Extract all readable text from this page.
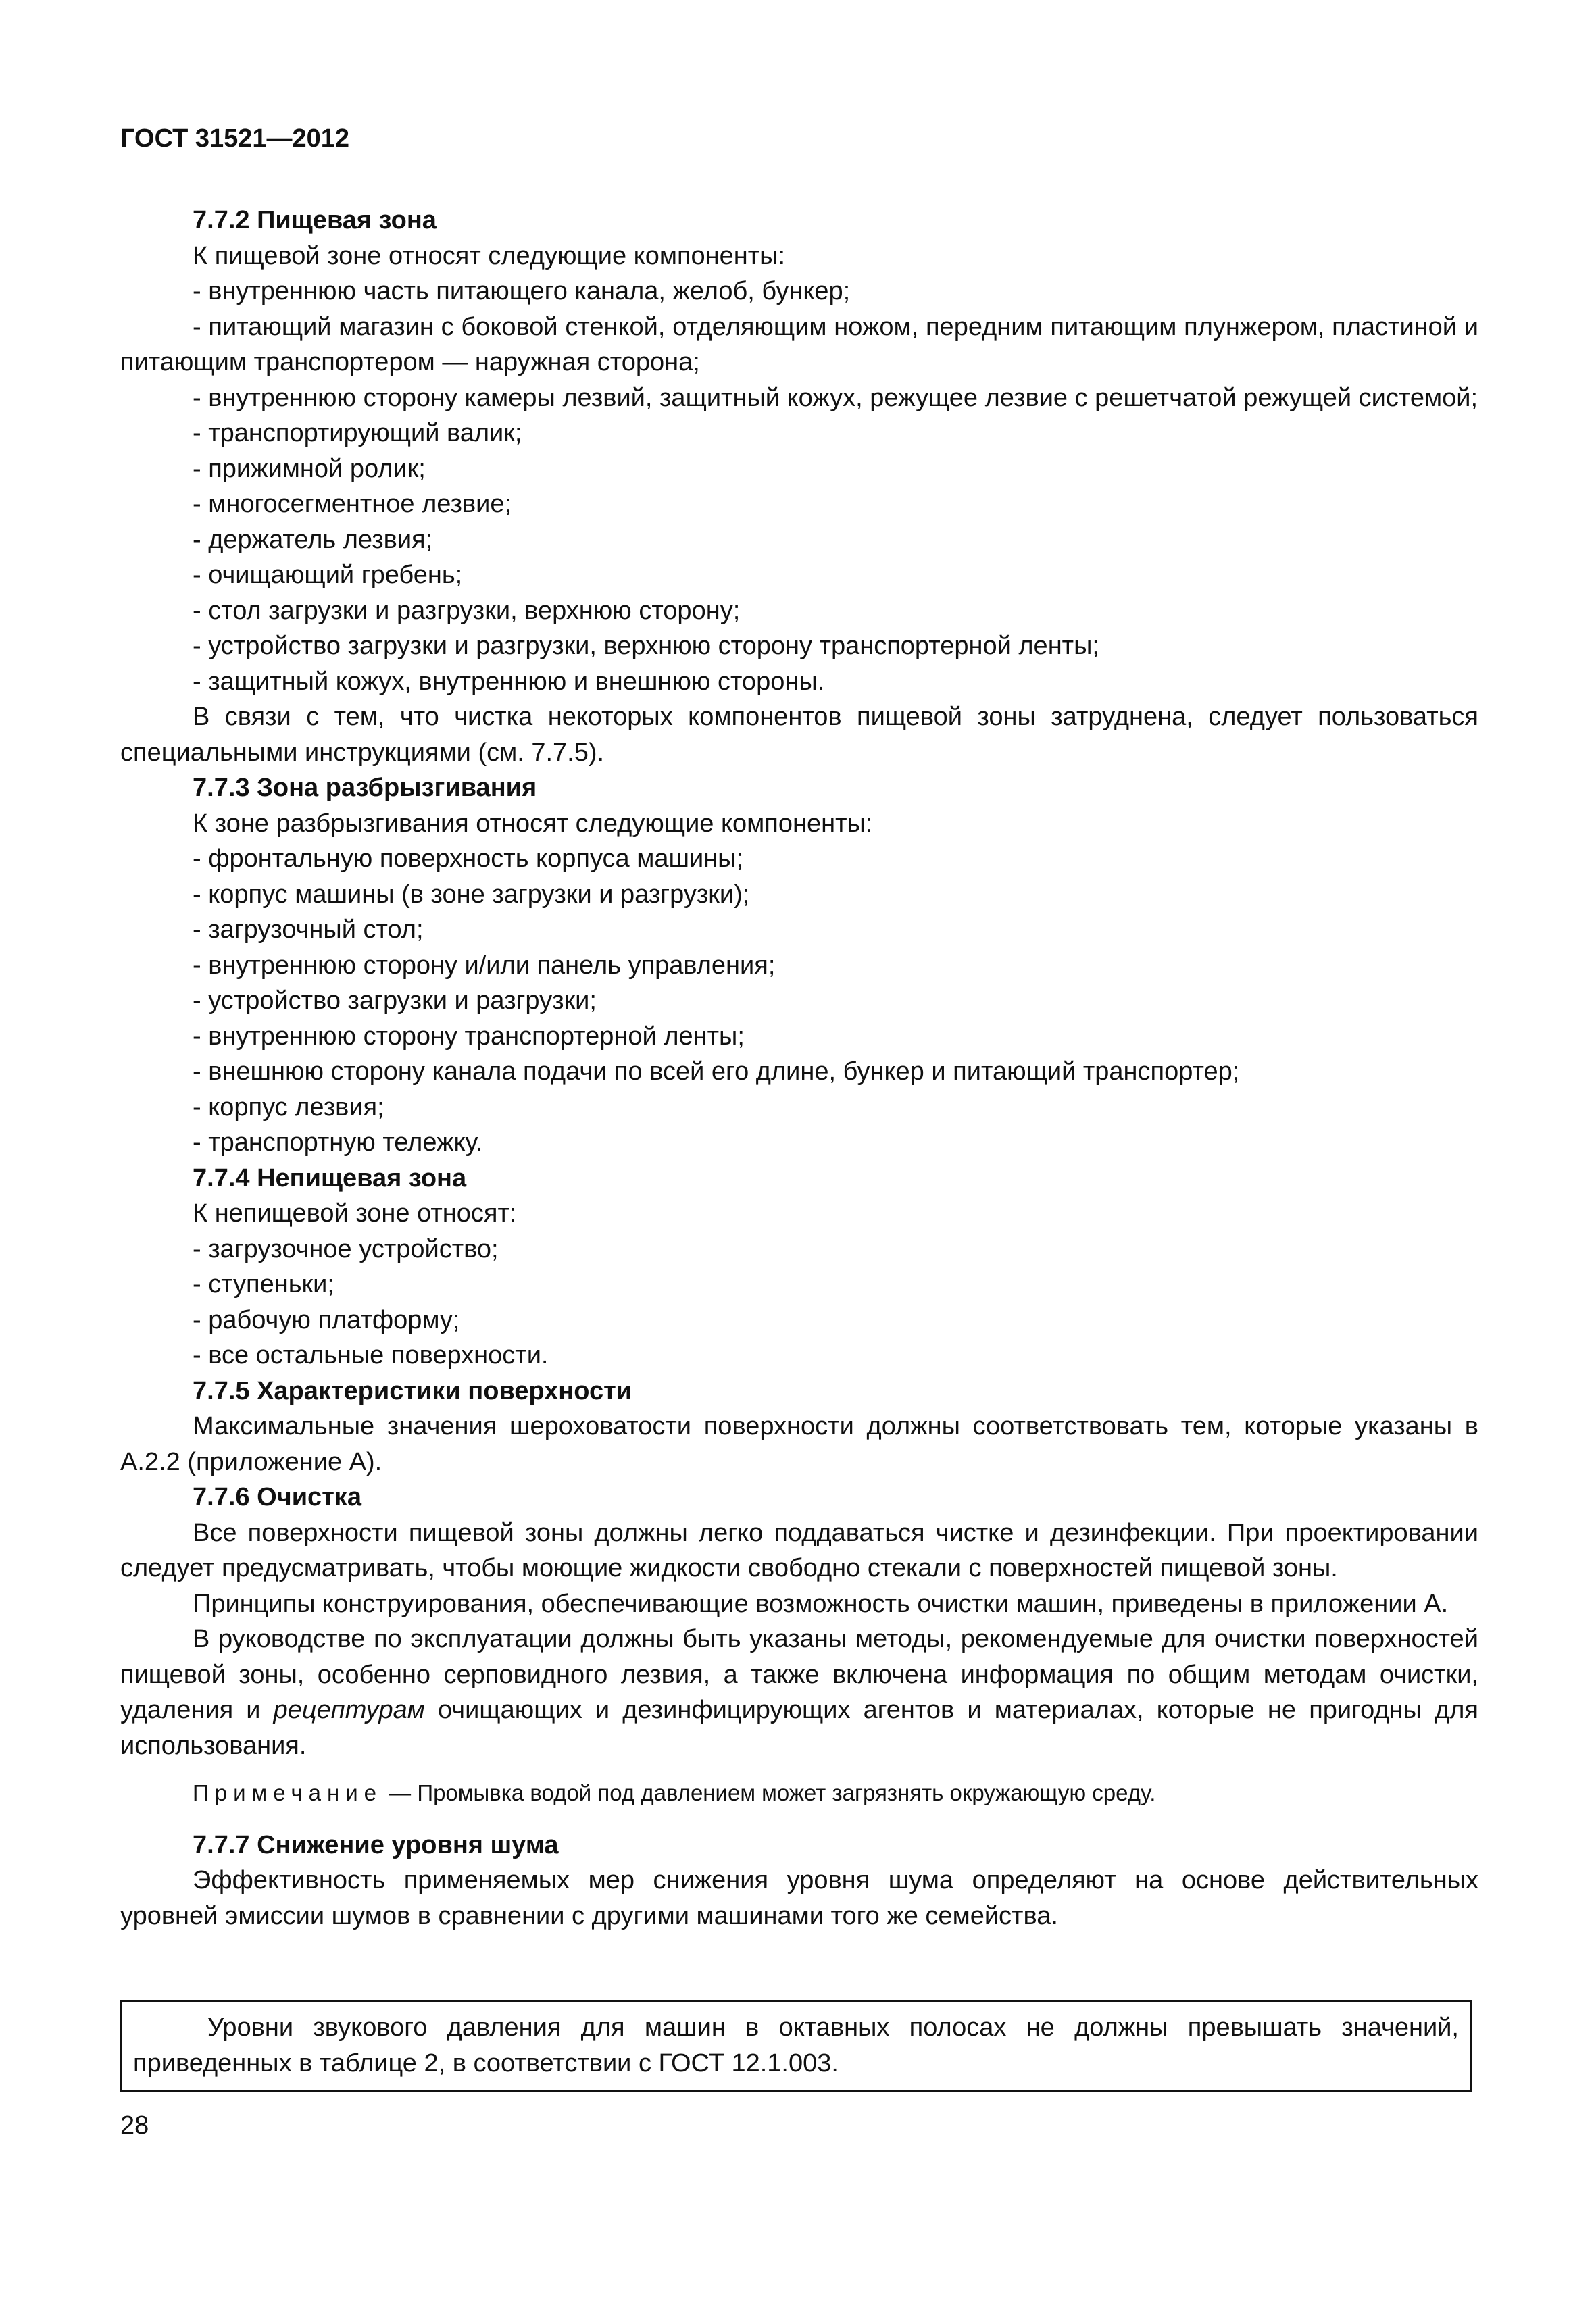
ГОСТ 31521—2012

7.7.2 Пищевая зона

К пищевой зоне относят следующие компоненты:

- внутреннюю часть питающего канала, желоб, бункер;

- питающий магазин с боковой стенкой, отделяющим ножом, передним питающим плунжером, пластиной и питающим транспортером — наружная сторона;

- внутреннюю сторону камеры лезвий, защитный кожух, режущее лезвие с решетчатой режущей системой;

- транспортирующий валик;

- прижимной ролик;

- многосегментное лезвие;

- держатель лезвия;

- очищающий гребень;

- стол загрузки и разгрузки, верхнюю сторону;

- устройство загрузки и разгрузки, верхнюю сторону транспортерной ленты;

- защитный кожух, внутреннюю и внешнюю стороны.

В связи с тем, что чистка некоторых компонентов пищевой зоны затруднена, следует пользоваться специальными инструкциями (см. 7.7.5).

7.7.3 Зона разбрызгивания

К зоне разбрызгивания относят следующие компоненты:

- фронтальную поверхность корпуса машины;

- корпус машины (в зоне загрузки и разгрузки);

- загрузочный стол;

- внутреннюю сторону и/или панель управления;

- устройство загрузки и разгрузки;

- внутреннюю сторону транспортерной ленты;

- внешнюю сторону канала подачи по всей его длине, бункер и питающий транспортер;

- корпус лезвия;

- транспортную тележку.

7.7.4 Непищевая зона

К непищевой зоне относят:

- загрузочное устройство;

- ступеньки;

- рабочую платформу;

- все остальные поверхности.

7.7.5 Характеристики поверхности

Максимальные значения шероховатости поверхности должны соответствовать тем, которые указаны в А.2.2 (приложение А).

7.7.6 Очистка

Все поверхности пищевой зоны должны легко поддаваться чистке и дезинфекции. При проектировании следует предусматривать, чтобы моющие жидкости свободно стекали с поверхностей пищевой зоны.

Принципы конструирования, обеспечивающие возможность очистки машин, приведены в приложении А.

В руководстве по эксплуатации должны быть указаны методы, рекомендуемые для очистки поверхностей пищевой зоны, особенно серповидного лезвия, а также включена информация по общим методам очистки, удаления и рецептурам очищающих и дезинфицирующих агентов и материалах, которые не пригодны для использования.

Примечание — Промывка водой под давлением может загрязнять окружающую среду.

7.7.7 Снижение уровня шума

Эффективность применяемых мер снижения уровня шума определяют на основе действительных уровней эмиссии шумов в сравнении с другими машинами того же семейства.

Уровни звукового давления для машин в октавных полосах не должны превышать значений, приведенных в таблице 2, в соответствии с ГОСТ 12.1.003.

28
